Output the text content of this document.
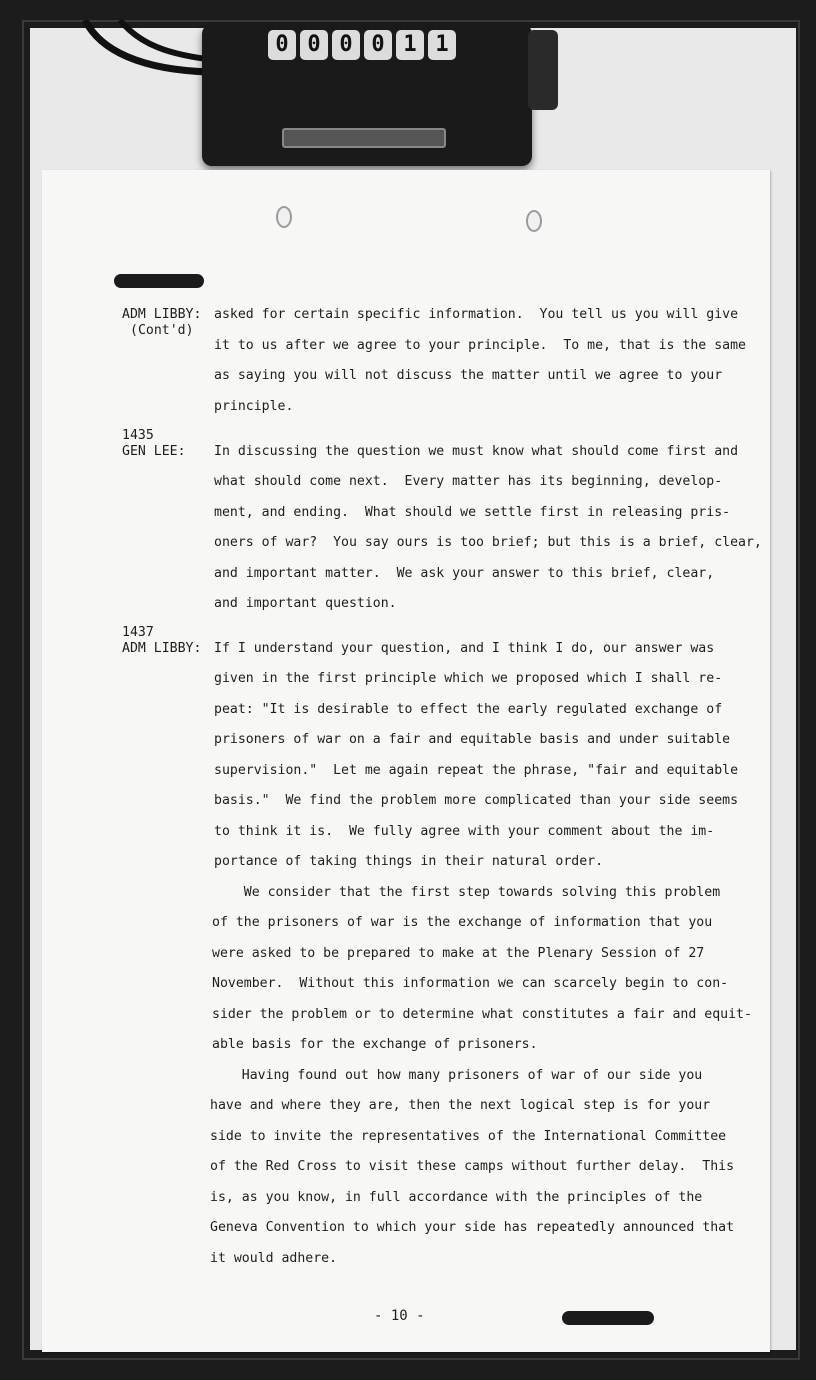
0 0 0 0 1 1
ADM LIBBY:
(Cont'd)
asked for certain specific information.  You tell us you will give
it to us after we agree to your principle.  To me, that is the same
as saying you will not discuss the matter until we agree to your
principle.
1435
GEN LEE: In discussing the question we must know what should come first and
what should come next.  Every matter has its beginning, develop-
ment, and ending.  What should we settle first in releasing pris-
oners of war?  You say ours is too brief; but this is a brief, clear,
and important matter.  We ask your answer to this brief, clear,
and important question.
1437
ADM LIBBY: If I understand your question, and I think I do, our answer was
given in the first principle which we proposed which I shall re-
peat: "It is desirable to effect the early regulated exchange of
prisoners of war on a fair and equitable basis and under suitable
supervision."  Let me again repeat the phrase, "fair and equitable
basis."  We find the problem more complicated than your side seems
to think it is.  We fully agree with your comment about the im-
portance of taking things in their natural order.
We consider that the first step towards solving this problem
of the prisoners of war is the exchange of information that you
were asked to be prepared to make at the Plenary Session of 27
November.  Without this information we can scarcely begin to con-
sider the problem or to determine what constitutes a fair and equit-
able basis for the exchange of prisoners.
Having found out how many prisoners of war of our side you
have and where they are, then the next logical step is for your
side to invite the representatives of the International Committee
of the Red Cross to visit these camps without further delay.  This
is, as you know, in full accordance with the principles of the
Geneva Convention to which your side has repeatedly announced that
it would adhere.
- 10 -
